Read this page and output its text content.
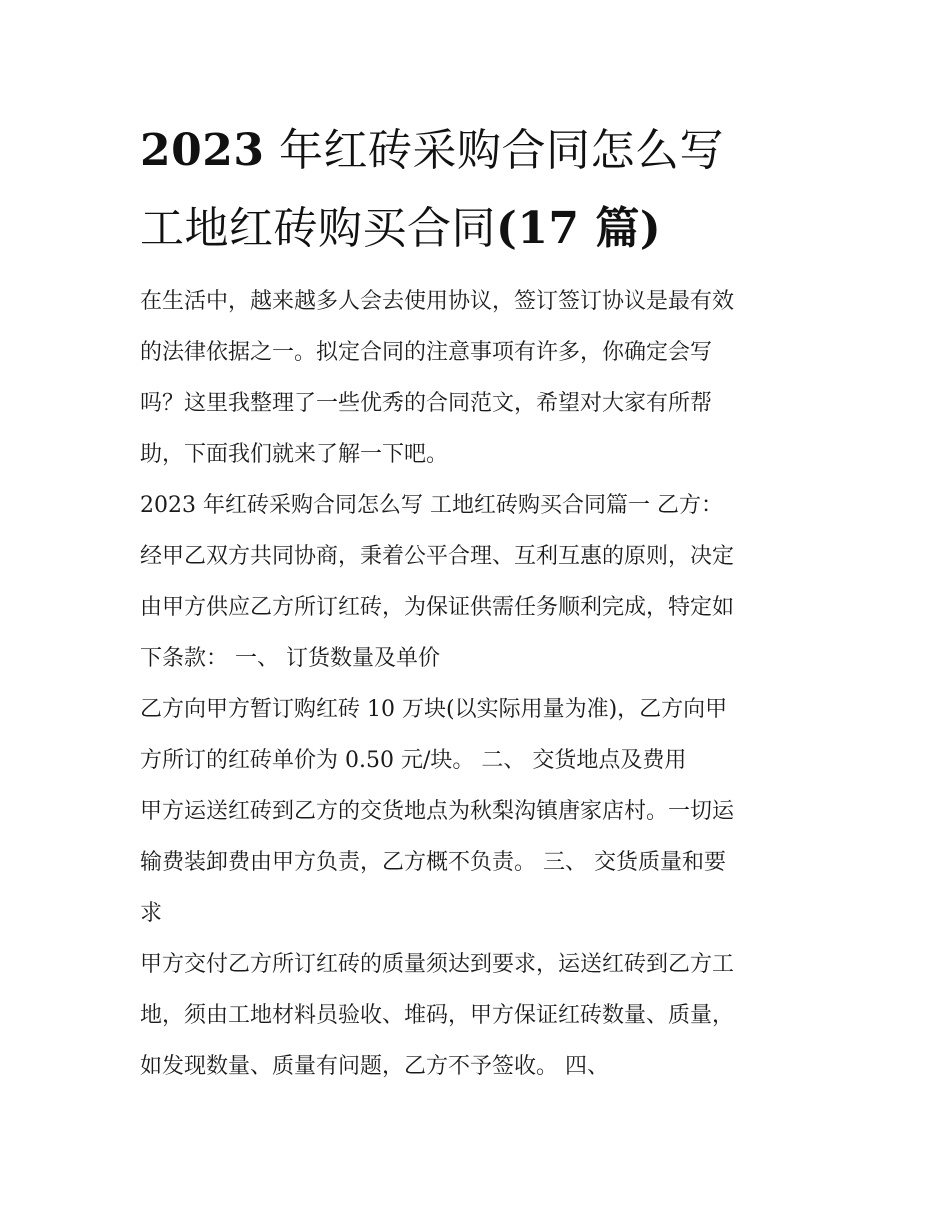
2023 年红砖采购合同怎么写
工地红砖购买合同(17 篇)

在生活中，越来越多人会去使用协议，签订签订协议是最有效
的法律依据之一。拟定合同的注意事项有许多，你确定会写
吗？这里我整理了一些优秀的合同范文，希望对大家有所帮
助，下面我们就来了解一下吧。

2023 年红砖采购合同怎么写 工地红砖购买合同篇一 乙方：

经甲乙双方共同协商，秉着公平合理、互利互惠的原则，决定
由甲方供应乙方所订红砖，为保证供需任务顺利完成，特定如
下条款： 一、 订货数量及单价

乙方向甲方暂订购红砖 10 万块(以实际用量为准)，乙方向甲
方所订的红砖单价为 0.50 元/块。 二、 交货地点及费用

甲方运送红砖到乙方的交货地点为秋梨沟镇唐家店村。一切运
输费装卸费由甲方负责，乙方概不负责。 三、 交货质量和要
求

甲方交付乙方所订红砖的质量须达到要求，运送红砖到乙方工
地，须由工地材料员验收、堆码，甲方保证红砖数量、质量，
如发现数量、质量有问题，乙方不予签收。 四、
